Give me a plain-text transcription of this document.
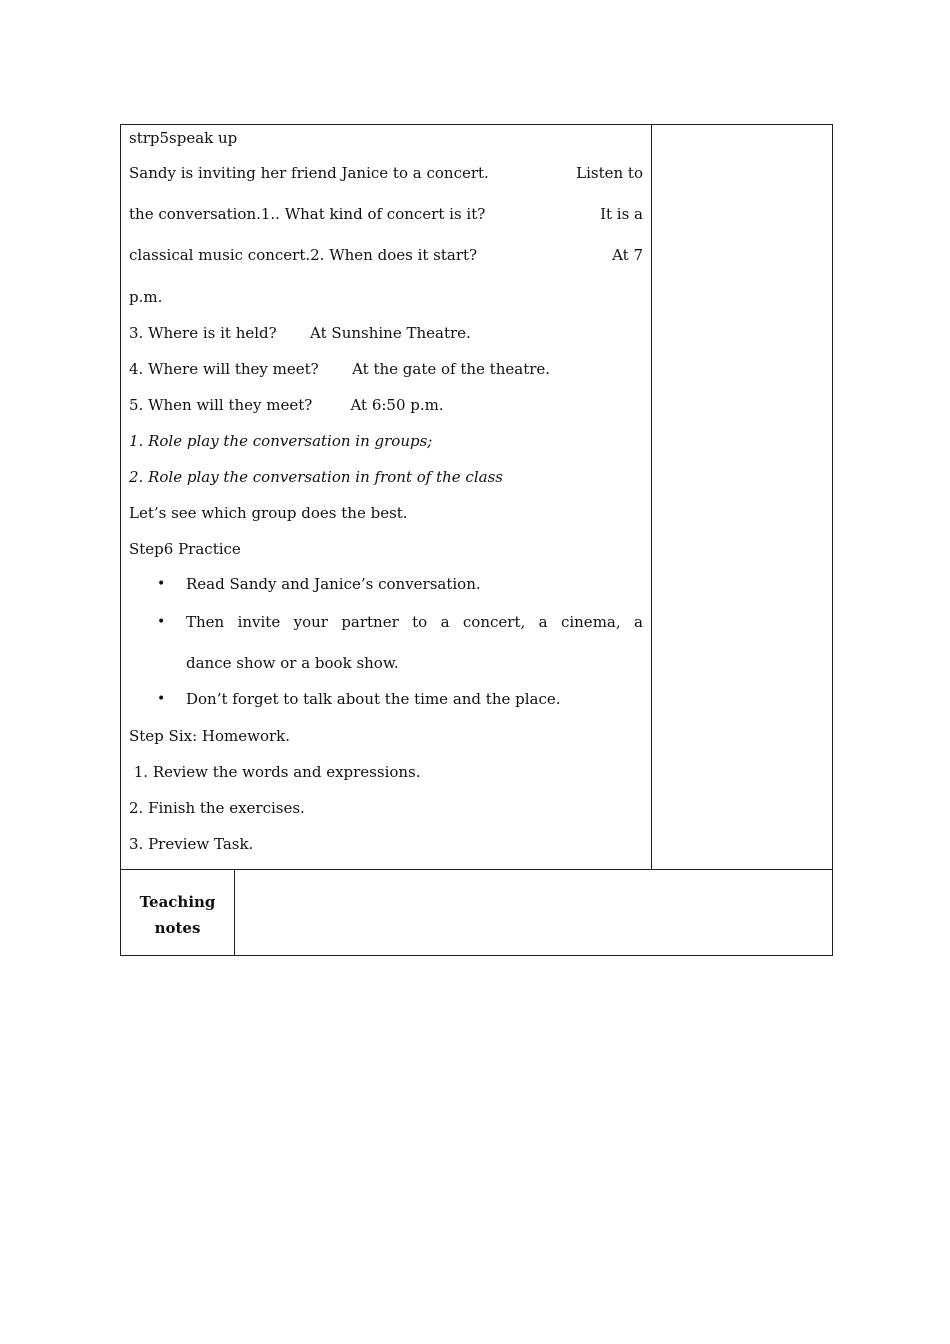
strp5speak up
Sandy is inviting her friend Janice to a concert.	Listen to
the conversation.1.. What kind of concert is it?	It is a
classical music concert.2. When does it start?	At 7
p.m.
3. Where is it held?       At Sunshine Theatre.
4. Where will they meet?       At the gate of the theatre.
5. When will they meet?        At 6:50 p.m.
1. Role play the conversation in groups;
2. Role play the conversation in front of the class
Let’s see which group does the best.
Step6 Practice
• Read Sandy and Janice’s conversation.
• Then invite your partner to a concert, a cinema, a
dance show or a book show.
• Don’t forget to talk about the time and the place.
Step Six: Homework.
1. Review the words and expressions.
2. Finish the exercises.
3. Preview Task.
Teaching
notes
